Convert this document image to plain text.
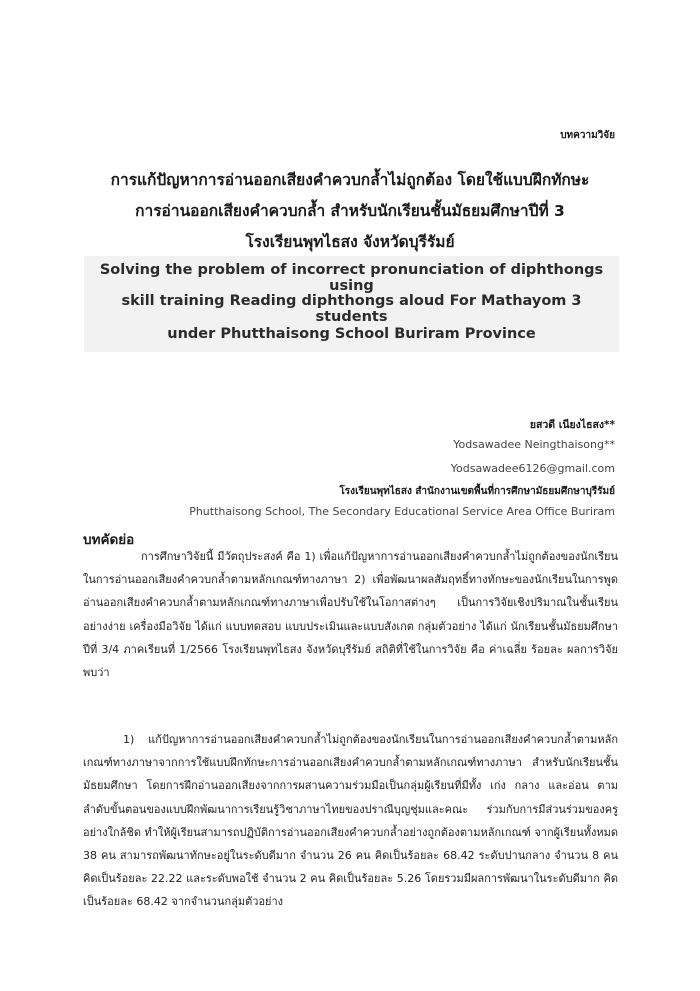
บทความวิจัย
การแก้ปัญหาการอ่านออกเสียงคำควบกล้ำไม่ถูกต้อง โดยใช้แบบฝึกทักษะ
การอ่านออกเสียงคำควบกล้ำ สำหรับนักเรียนชั้นมัธยมศึกษาปีที่ 3
โรงเรียนพุทไธสง จังหวัดบุรีรัมย์
Solving the problem of incorrect pronunciation of diphthongs using
skill training Reading diphthongs aloud For Mathayom 3 students
under Phutthaisong School Buriram Province
ยสวดี เนียงไธสง**
Yodsawadee Neingthaisong**
Yodsawadee6126@gmail.com
โรงเรียนพุทไธสง สำนักงานเขตพื้นที่การศึกษามัธยมศึกษาบุรีรัมย์
Phutthaisong School, The Secondary Educational Service Area Office Buriram
บทคัดย่อ

การศึกษาวิจัยนี้ มีวัตถุประสงค์ คือ 1) เพื่อแก้ปัญหาการอ่านออกเสียงคำควบกล้ำไม่ถูกต้องของนักเรียนในการอ่านออกเสียงคำควบกล้ำตามหลักเกณฑ์ทางภาษา 2) เพื่อพัฒนาผลสัมฤทธิ์ทางทักษะของนักเรียนในการพูดอ่านออกเสียงคำควบกล้ำตามหลักเกณฑ์ทางภาษาเพื่อปรับใช้ในโอกาสต่างๆ เป็นการวิจัยเชิงปริมาณในชั้นเรียนอย่างง่าย เครื่องมือวิจัย ได้แก่ แบบทดสอบ แบบประเมินและแบบสังเกต กลุ่มตัวอย่าง ได้แก่ นักเรียนชั้นมัธยมศึกษาปีที่ 3/4 ภาคเรียนที่ 1/2566 โรงเรียนพุทไธสง จังหวัดบุรีรัมย์ สถิติที่ใช้ในการวิจัย คือ ค่าเฉลี่ย ร้อยละ ผลการวิจัยพบว่า

1) แก้ปัญหาการอ่านออกเสียงคำควบกล้ำไม่ถูกต้องของนักเรียนในการอ่านออกเสียงคำควบกล้ำตามหลักเกณฑ์ทางภาษาจากการใช้แบบฝึกทักษะการอ่านออกเสียงคำควบกล้ำตามหลักเกณฑ์ทางภาษา สำหรับนักเรียนชั้นมัธยมศึกษา โดยการฝึกอ่านออกเสียงจากการผสานความร่วมมือเป็นกลุ่มผู้เรียนที่มีทั้ง เก่ง กลาง และอ่อน ตามลำดับขั้นตอนของแบบฝึกพัฒนาการเรียนรู้วิชาภาษาไทยของปราณีบุญชุ่มและคณะ ร่วมกับการมีส่วนร่วมของครูอย่างใกล้ชิด ทำให้ผู้เรียนสามารถปฏิบัติการอ่านออกเสียงคำควบกล้ำอย่างถูกต้องตามหลักเกณฑ์ จากผู้เรียนทั้งหมด 38 คน สามารถพัฒนาทักษะอยู่ในระดับดีมาก จำนวน 26 คน คิดเป็นร้อยละ 68.42 ระดับปานกลาง จำนวน 8 คน คิดเป็นร้อยละ 22.22 และระดับพอใช้ จำนวน 2 คน คิดเป็นร้อยละ 5.26 โดยรวมมีผลการพัฒนาในระดับดีมาก คิดเป็นร้อยละ 68.42 จากจำนวนกลุ่มตัวอย่าง
